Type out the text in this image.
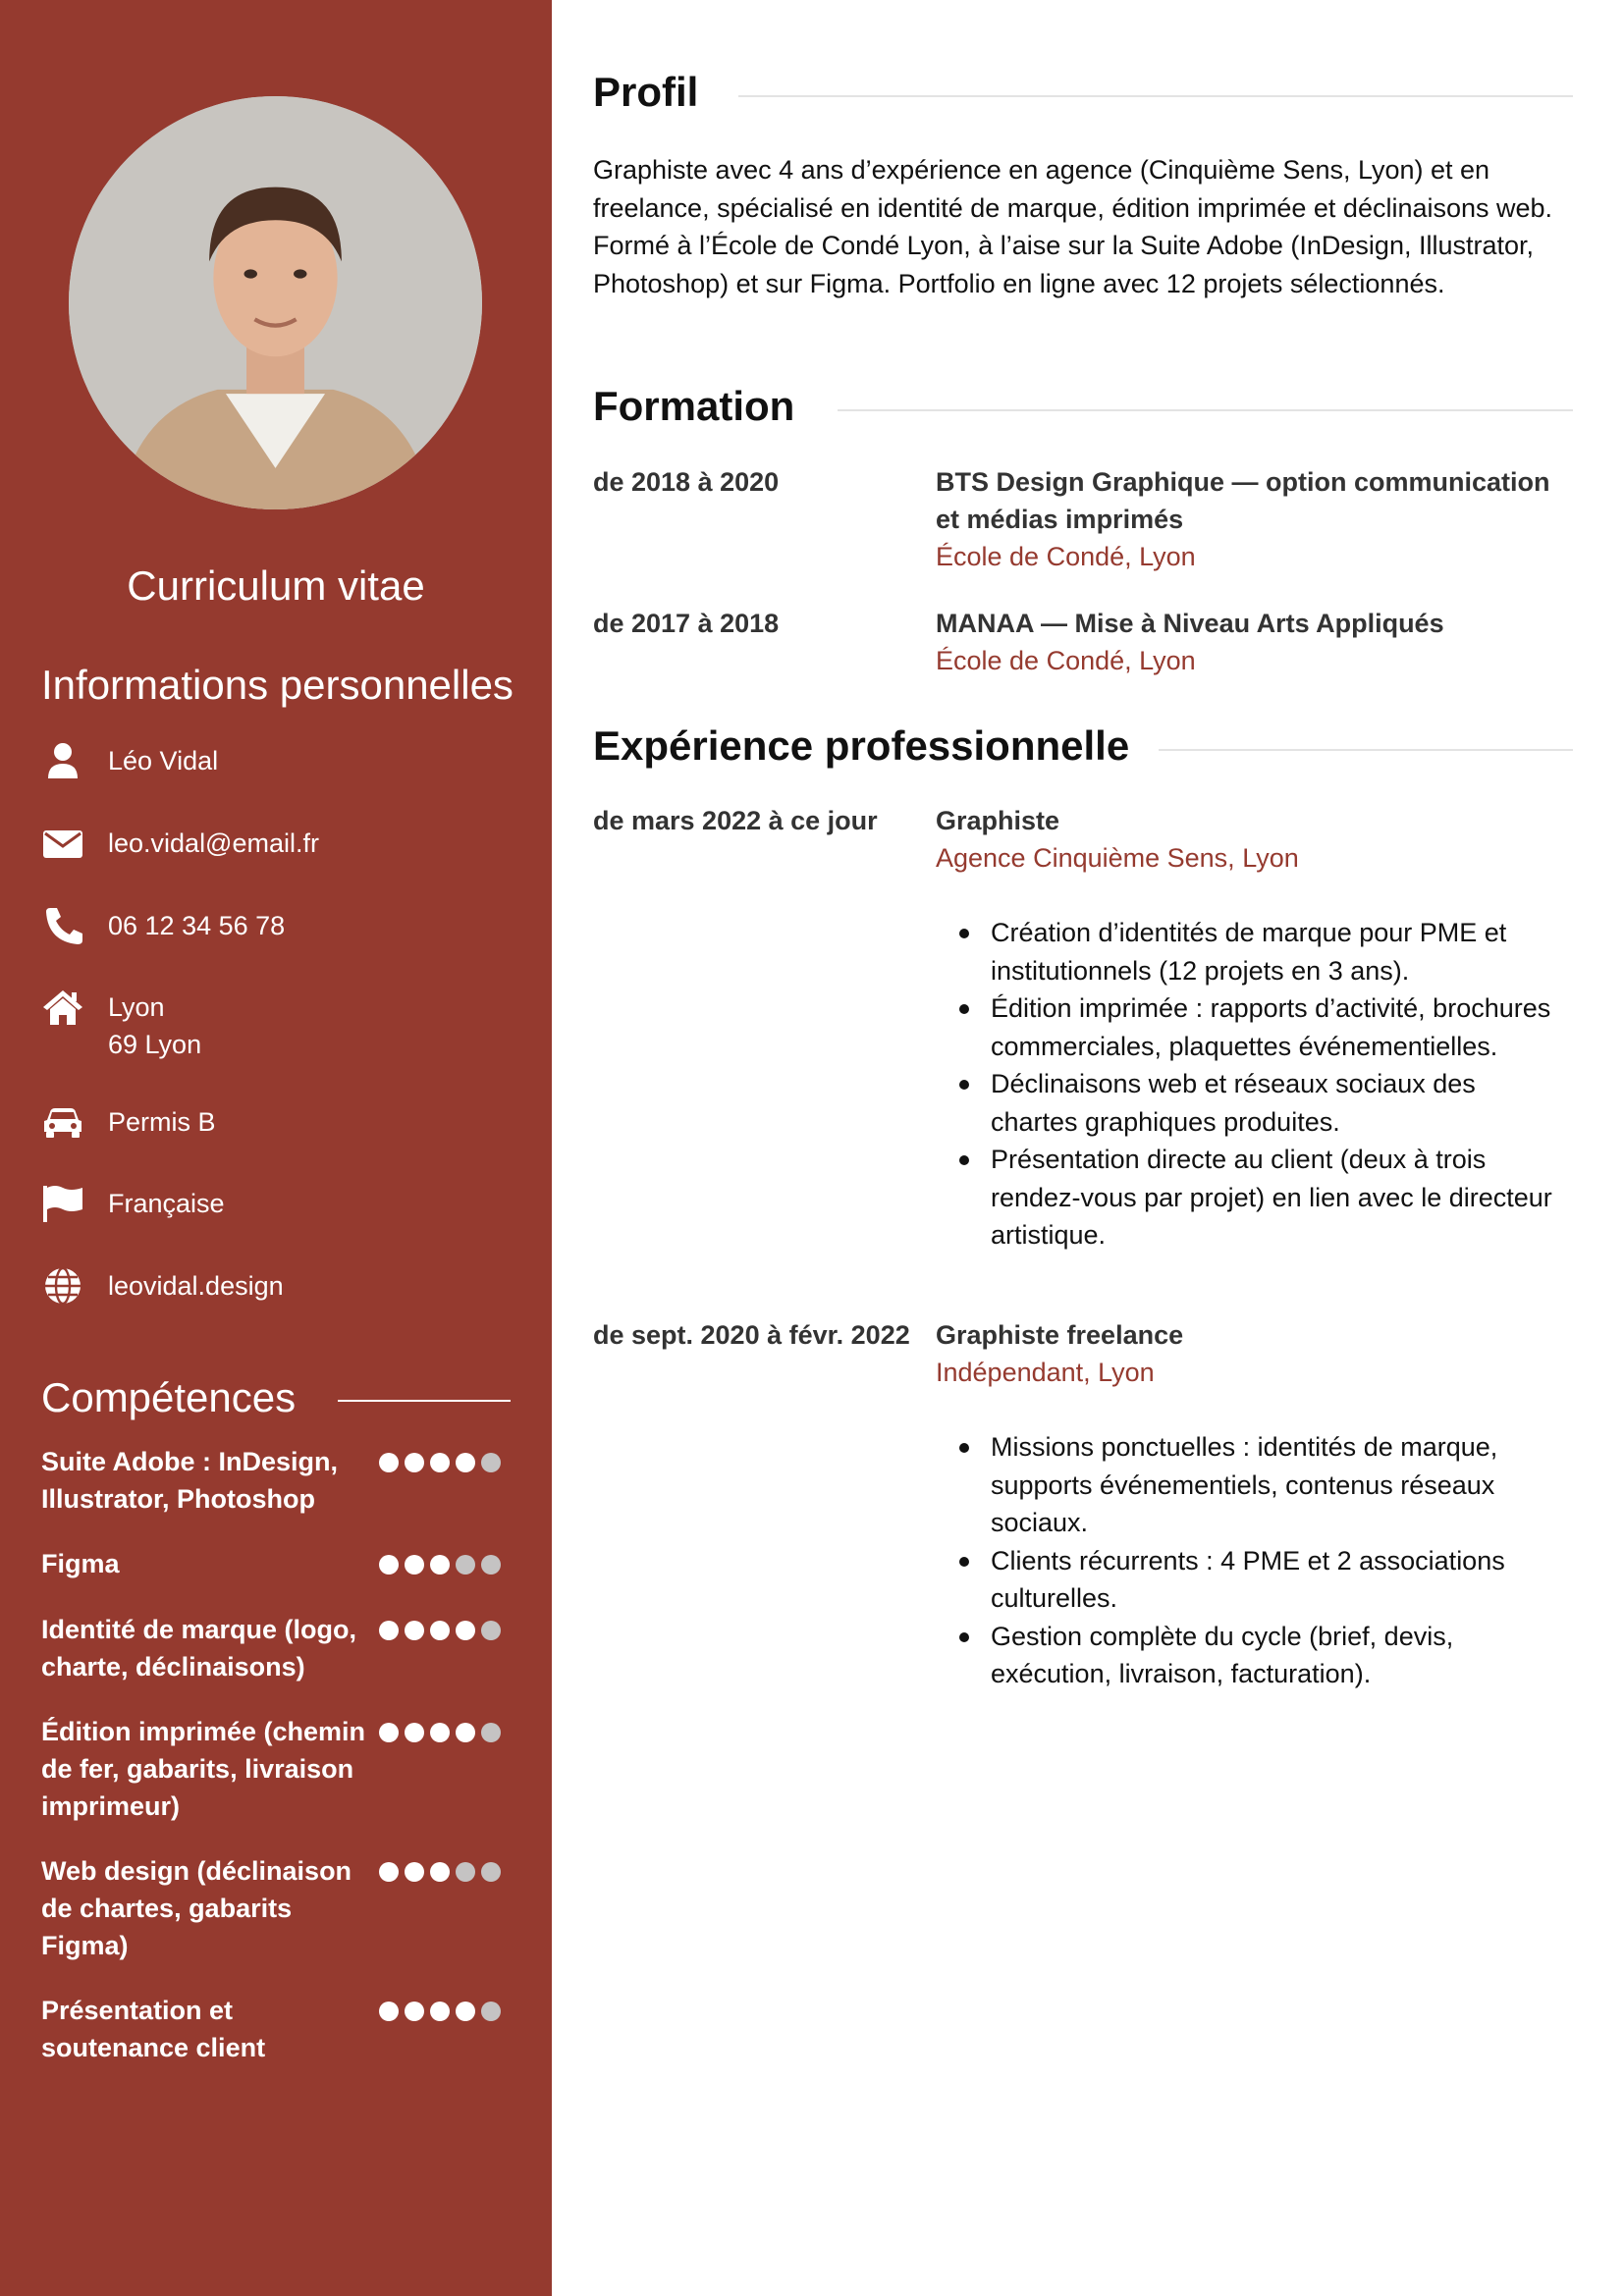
Curriculum vitae
Informations personnelles
Léo Vidal
leo.vidal@email.fr
06 12 34 56 78
Lyon
69 Lyon
Permis B
Française
leovidal.design
Compétences
Suite Adobe : InDesign, Illustrator, Photoshop
Figma
Identité de marque (logo, charte, déclinaisons)
Édition imprimée (chemin de fer, gabarits, livraison imprimeur)
Web design (déclinaison de chartes, gabarits Figma)
Présentation et soutenance client
Profil
Graphiste avec 4 ans d’expérience en agence (Cinquième Sens, Lyon) et en freelance, spécialisé en identité de marque, édition imprimée et déclinaisons web. Formé à l’École de Condé Lyon, à l’aise sur la Suite Adobe (InDesign, Illustrator, Photoshop) et sur Figma. Portfolio en ligne avec 12 projets sélectionnés.
Formation
de 2018 à 2020	BTS Design Graphique — option communication et médias imprimés
École de Condé, Lyon
de 2017 à 2018	MANAA — Mise à Niveau Arts Appliqués
École de Condé, Lyon
Expérience professionnelle
de mars 2022 à ce jour	Graphiste
Agence Cinquième Sens, Lyon
Création d’identités de marque pour PME et institutionnels (12 projets en 3 ans).
Édition imprimée : rapports d’activité, brochures commerciales, plaquettes événementielles.
Déclinaisons web et réseaux sociaux des chartes graphiques produites.
Présentation directe au client (deux à trois rendez-vous par projet) en lien avec le directeur artistique.
de sept. 2020 à févr. 2022 Graphiste freelance
Indépendant, Lyon
Missions ponctuelles : identités de marque, supports événementiels, contenus réseaux sociaux.
Clients récurrents : 4 PME et 2 associations culturelles.
Gestion complète du cycle (brief, devis, exécution, livraison, facturation).
